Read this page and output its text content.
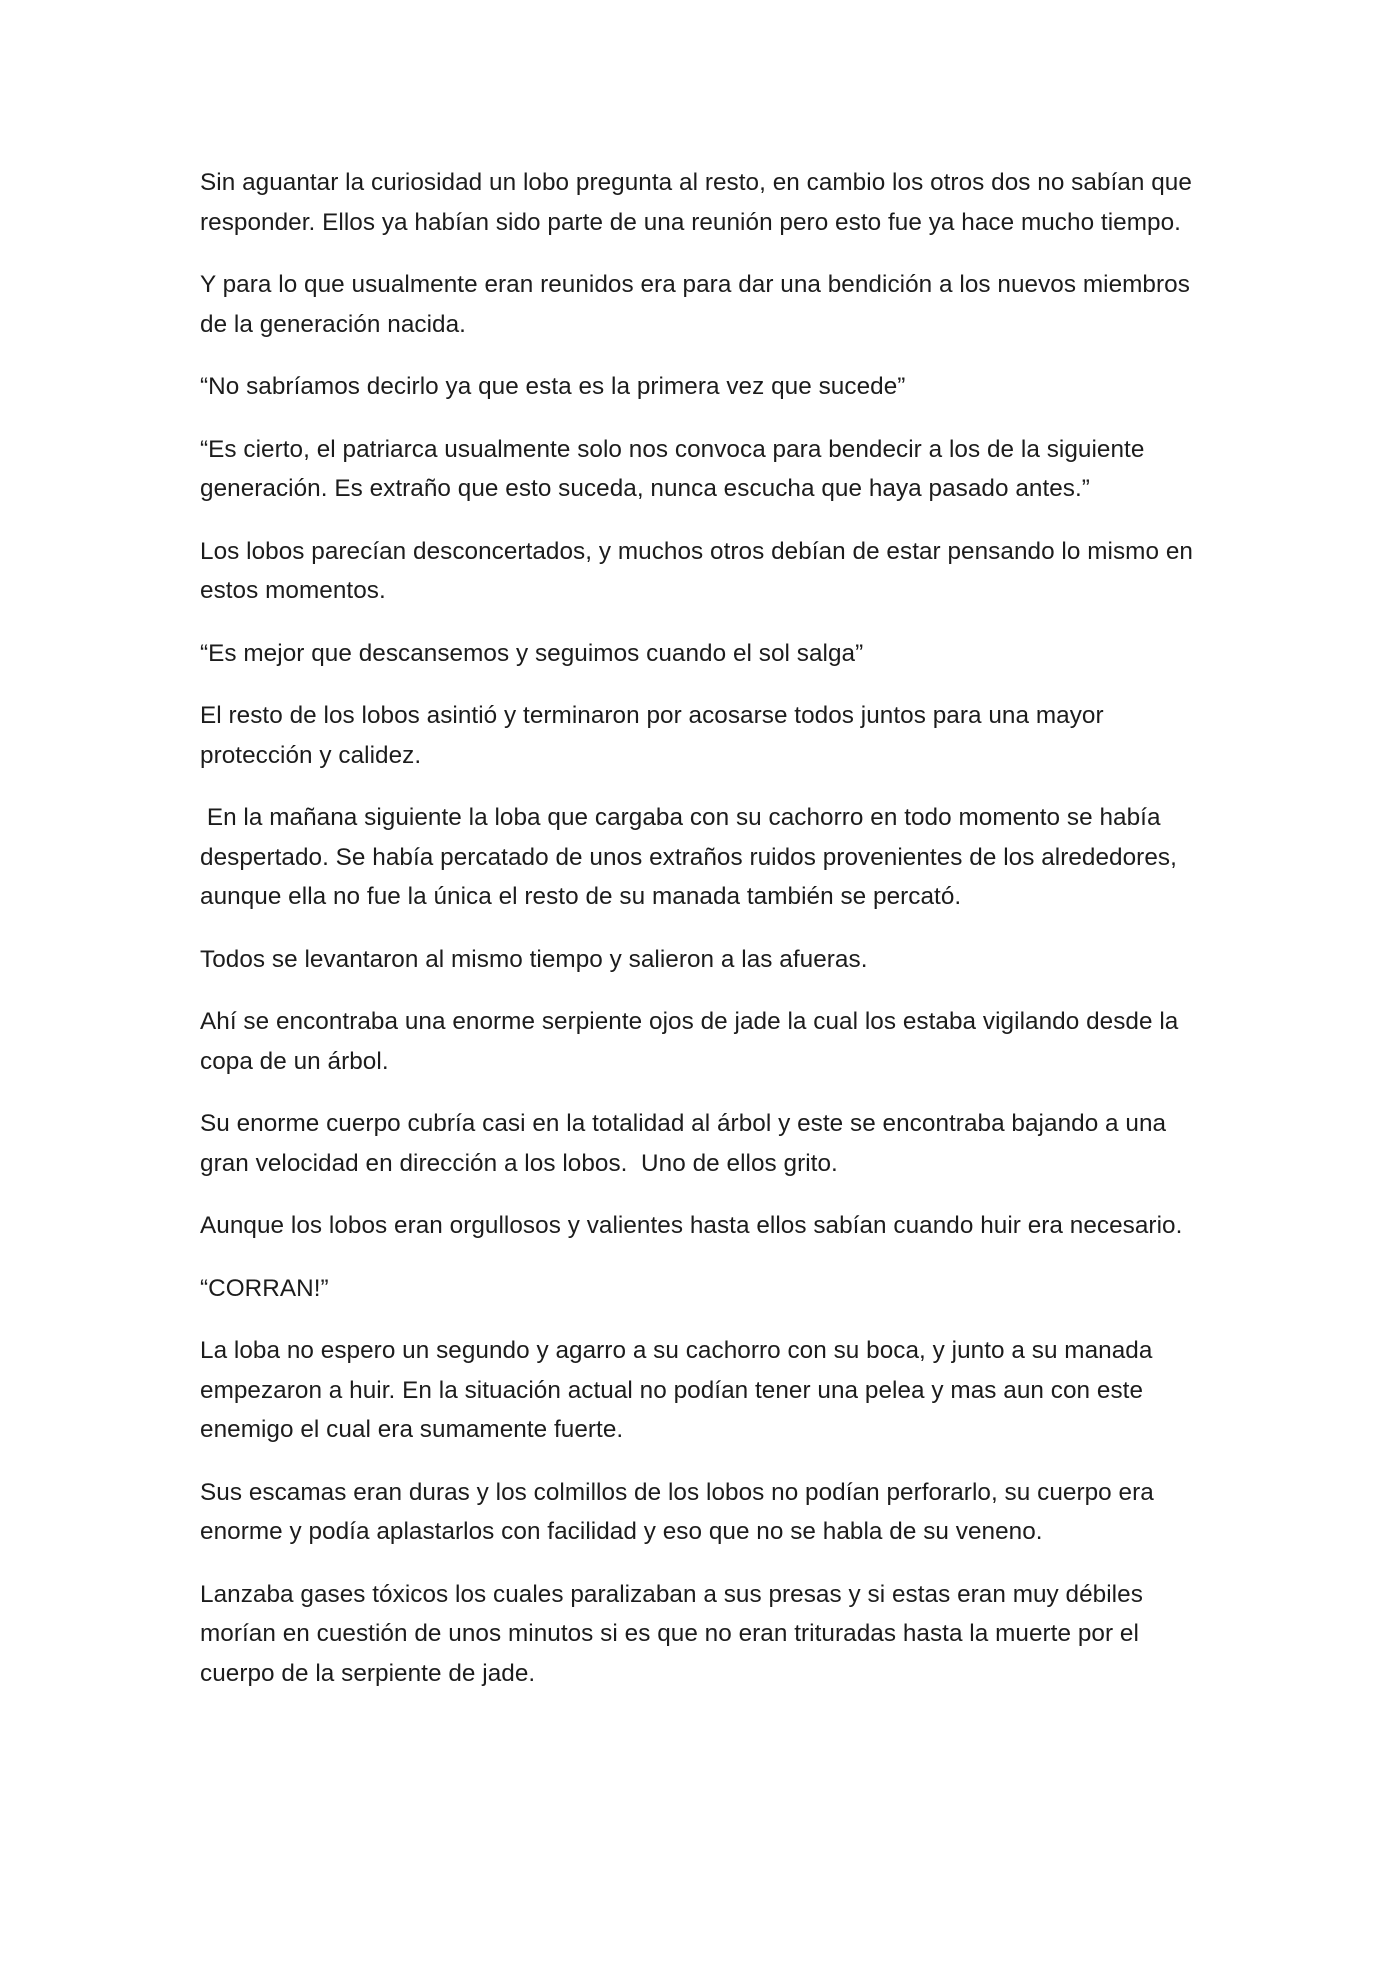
Sin aguantar la curiosidad un lobo pregunta al resto, en cambio los otros dos no sabían que responder. Ellos ya habían sido parte de una reunión pero esto fue ya hace mucho tiempo.

Y para lo que usualmente eran reunidos era para dar una bendición a los nuevos miembros de la generación nacida.

“No sabríamos decirlo ya que esta es la primera vez que sucede”

“Es cierto, el patriarca usualmente solo nos convoca para bendecir a los de la siguiente generación. Es extraño que esto suceda, nunca escucha que haya pasado antes.”

Los lobos parecían desconcertados, y muchos otros debían de estar pensando lo mismo en estos momentos.

“Es mejor que descansemos y seguimos cuando el sol salga”

El resto de los lobos asintió y terminaron por acosarse todos juntos para una mayor protección y calidez.

En la mañana siguiente la loba que cargaba con su cachorro en todo momento se había despertado. Se había percatado de unos extraños ruidos provenientes de los alrededores, aunque ella no fue la única el resto de su manada también se percató.

Todos se levantaron al mismo tiempo y salieron a las afueras.

Ahí se encontraba una enorme serpiente ojos de jade la cual los estaba vigilando desde la copa de un árbol.

Su enorme cuerpo cubría casi en la totalidad al árbol y este se encontraba bajando a una gran velocidad en dirección a los lobos.  Uno de ellos grito.

Aunque los lobos eran orgullosos y valientes hasta ellos sabían cuando huir era necesario.

“CORRAN!”

La loba no espero un segundo y agarro a su cachorro con su boca, y junto a su manada empezaron a huir. En la situación actual no podían tener una pelea y mas aun con este enemigo el cual era sumamente fuerte.

Sus escamas eran duras y los colmillos de los lobos no podían perforarlo, su cuerpo era enorme y podía aplastarlos con facilidad y eso que no se habla de su veneno.

Lanzaba gases tóxicos los cuales paralizaban a sus presas y si estas eran muy débiles morían en cuestión de unos minutos si es que no eran trituradas hasta la muerte por el cuerpo de la serpiente de jade.
